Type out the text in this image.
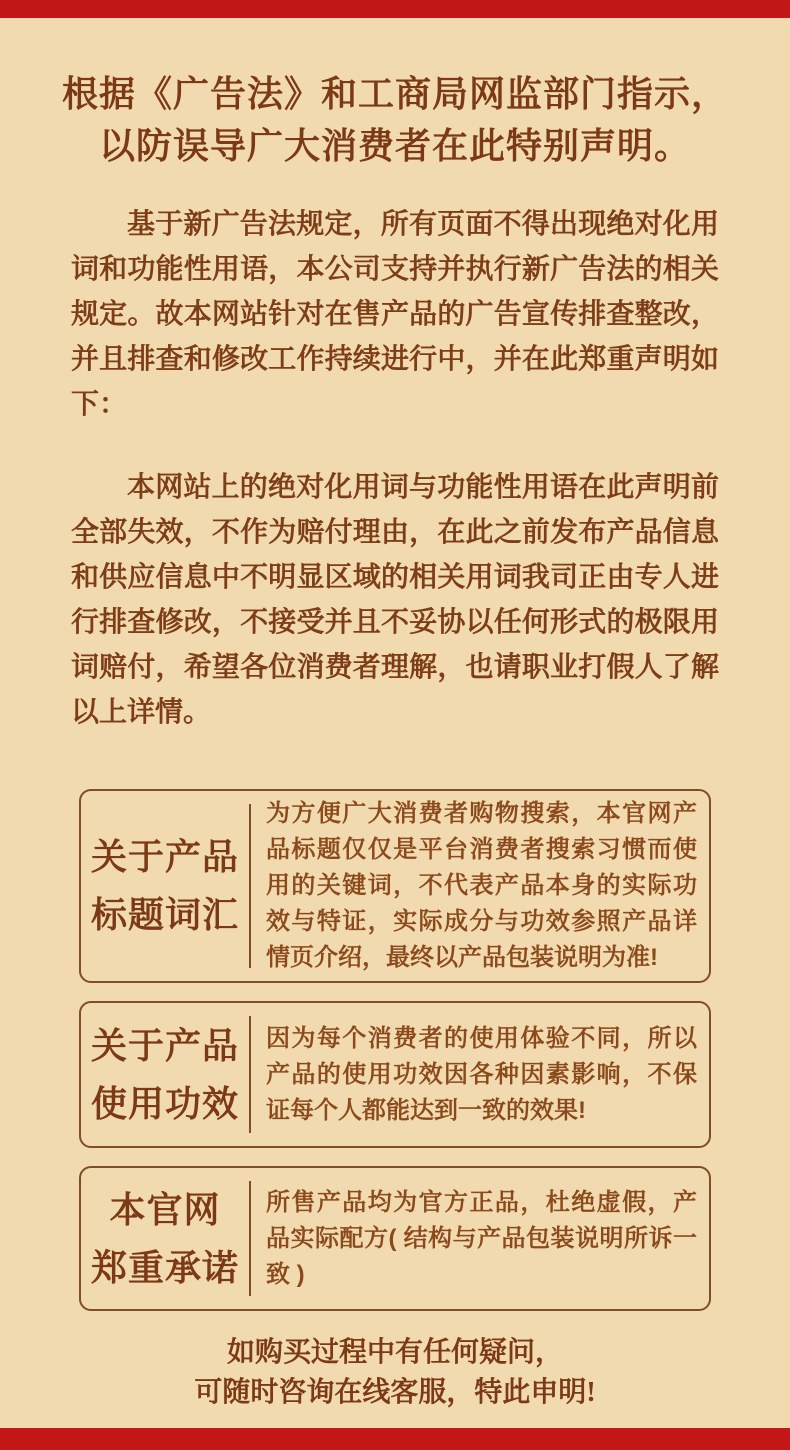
根据《广告法》和工商局网监部门指示，
以防误导广大消费者在此特别声明。

基于新广告法规定，所有页面不得出现绝对化用词和功能性用语，本公司支持并执行新广告法的相关规定。故本网站针对在售产品的广告宣传排查整改，并且排查和修改工作持续进行中，并在此郑重声明如下：

本网站上的绝对化用词与功能性用语在此声明前全部失效，不作为赔付理由，在此之前发布产品信息和供应信息中不明显区域的相关用词我司正由专人进行排查修改，不接受并且不妥协以任何形式的极限用词赔付，希望各位消费者理解，也请职业打假人了解以上详情。

关于产品
标题词汇

为方便广大消费者购物搜索，本官网产品标题仅仅是平台消费者搜索习惯而使用的关键词，不代表产品本身的实际功效与特证，实际成分与功效参照产品详情页介绍，最终以产品包装说明为准!

关于产品
使用功效

因为每个消费者的使用体验不同，所以产品的使用功效因各种因素影响，不保证每个人都能达到一致的效果!

本官网
郑重承诺

所售产品均为官方正品，杜绝虚假，产品实际配方( 结构与产品包装说明所诉一致 )

如购买过程中有任何疑问，
可随时咨询在线客服，特此申明!
